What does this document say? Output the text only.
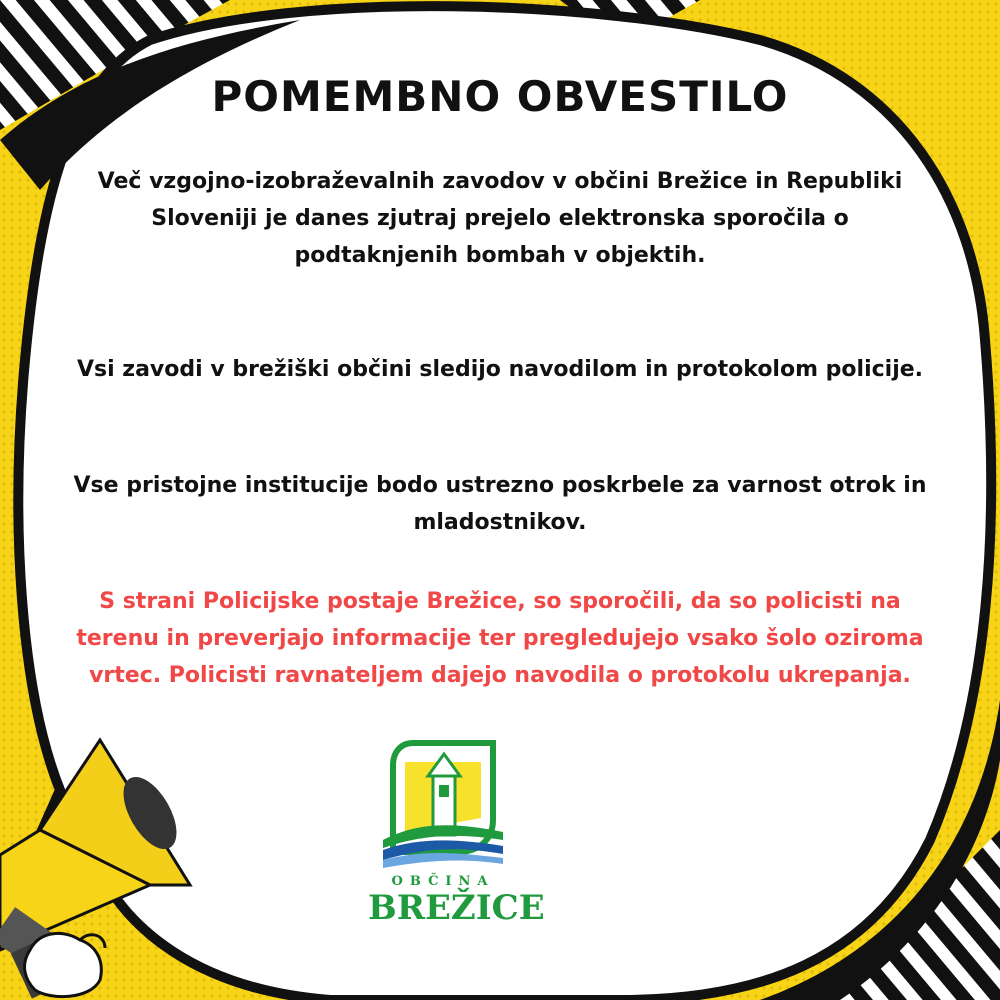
POMEMBNO OBVESTILO

Več vzgojno-izobraževalnih zavodov v občini Brežice in Republiki
Sloveniji je danes zjutraj prejelo elektronska sporočila o
podtaknjenih bombah v objektih.

Vsi zavodi v brežiški občini sledijo navodilom in protokolom policije.

Vse pristojne institucije bodo ustrezno poskrbele za varnost otrok in
mladostnikov.

S strani Policijske postaje Brežice, so sporočili, da so policisti na
terenu in preverjajo informacije ter pregledujejo vsako šolo oziroma
vrtec. Policisti ravnateljem dajejo navodila o protokolu ukrepanja.

OBČINA
BREŽICE
